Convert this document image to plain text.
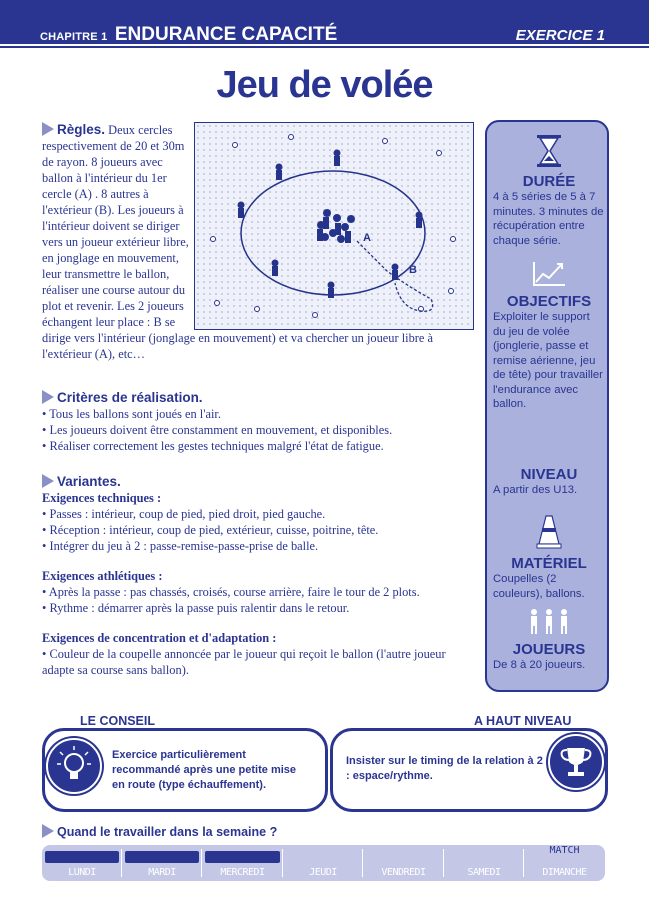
CHAPITRE 1 ENDURANCE CAPACITÉ	EXERCICE 1
Jeu de volée
A
B
Règles. Deux cercles respectivement de 20 et 30m de rayon. 8 joueurs avec ballon à l'intérieur du 1er cercle (A) . 8 autres à l'extérieur (B). Les joueurs à l'intérieur doivent se diriger vers un joueur extérieur libre, en jonglage en mouvement, leur transmettre le ballon, réaliser une course autour du plot et revenir. Les 2 joueurs échangent leur place : B se dirige vers l'intérieur (jonglage en mouvement) et va chercher un joueur libre à l'extérieur (A), etc…

Critères de réalisation.

• Tous les ballons sont joués en l'air.

• Les joueurs doivent être constamment en mouvement, et disponibles.

• Réaliser correctement les gestes techniques malgré l'état de fatigue.

Variantes.

Exigences techniques :

• Passes : intérieur, coup de pied, pied droit, pied gauche.

• Réception : intérieur, coup de pied, extérieur, cuisse, poitrine, tête.

• Intégrer du jeu à 2 : passe-remise-passe-prise de balle.

Exigences athlétiques :

• Après la passe : pas chassés, croisés, course arrière, faire le tour de 2 plots.

• Rythme : démarrer après la passe puis ralentir dans le retour.

Exigences de concentration et d'adaptation :

• Couleur de la coupelle annoncée par le joueur qui reçoit le ballon (l'autre joueur adapte sa course sans ballon).

DURÉE
4 à 5 séries de 5 à 7 minutes. 3 minutes de récupération entre chaque série.
OBJECTIFS
Exploiter le support du jeu de volée (jonglerie, passe et remise aérienne, jeu de tête) pour travailler l'endurance avec ballon.
NIVEAU
A partir des U13.
MATÉRIEL
Coupelles (2 couleurs), ballons.
JOUEURS
De 8 à 20 joueurs.
LE CONSEIL	A HAUT NIVEAU
Exercice particulièrement recommandé après une petite mise en route (type échauffement).
Insister sur le timing de la relation à 2 : espace/rythme.
Quand le travailler dans la semaine ?
LUNDI	MARDI	MERCREDI	JEUDI	VENDREDI	SAMEDI
MATCH
DIMANCHE
